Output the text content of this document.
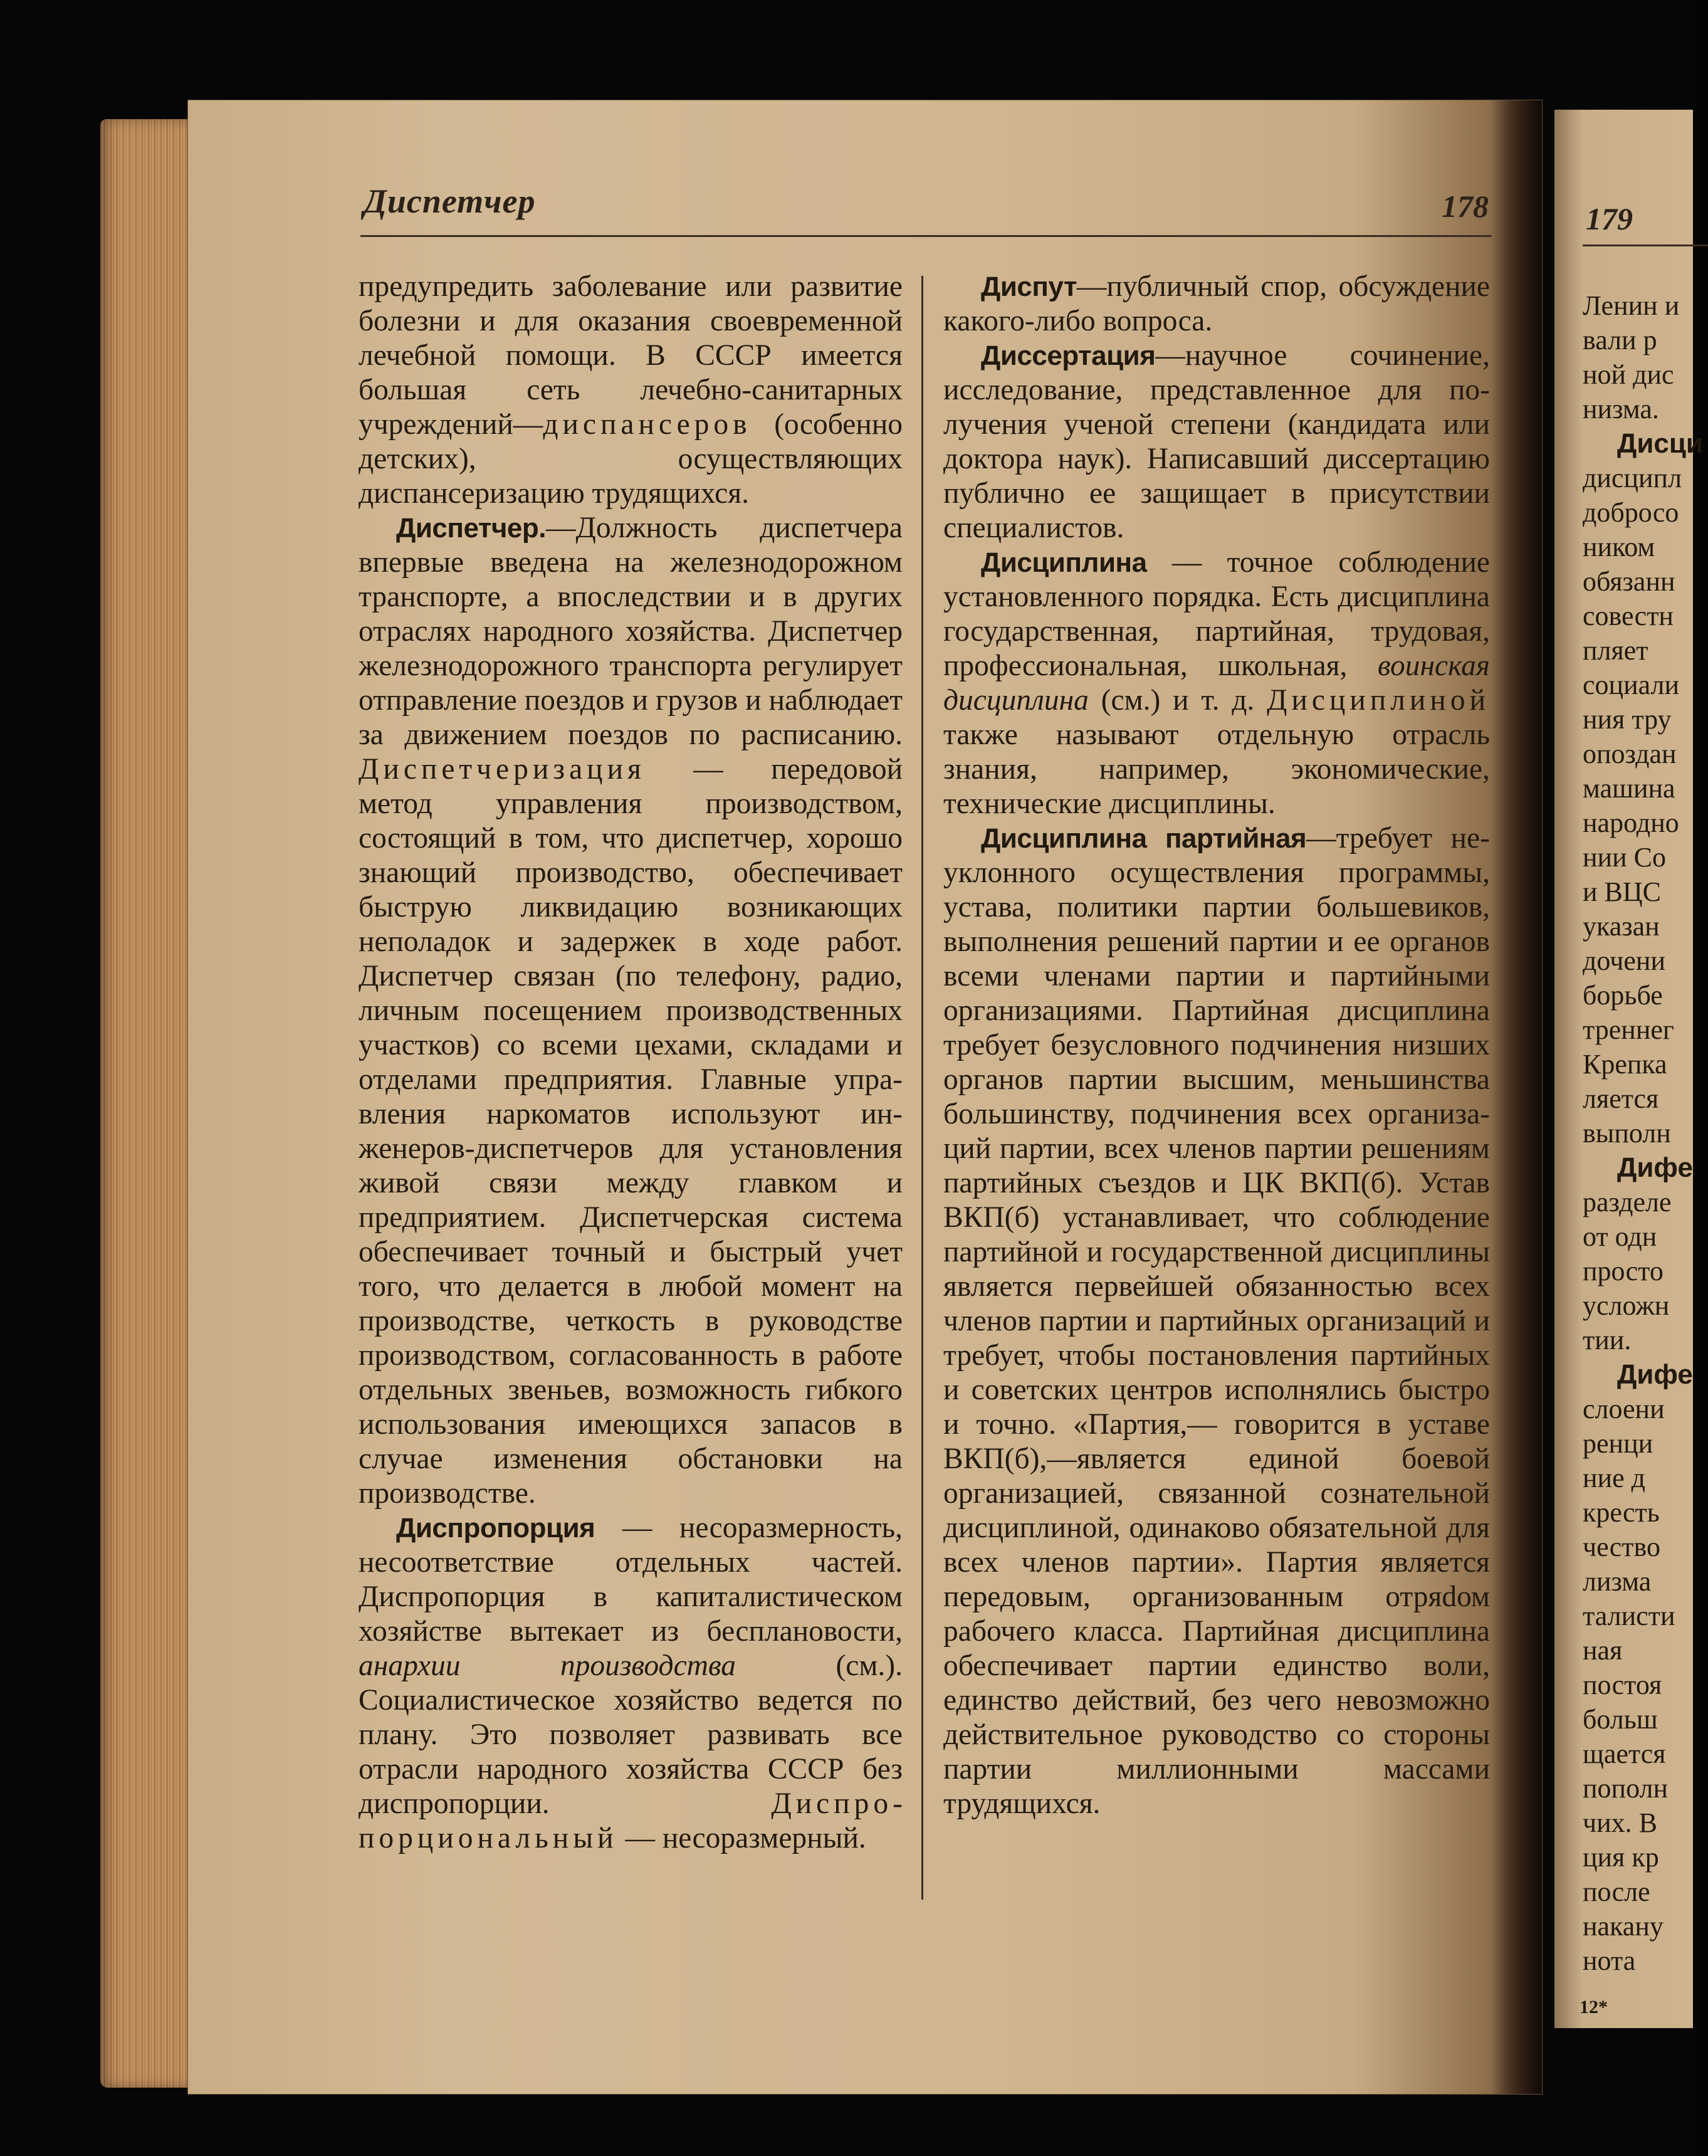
Диспетчер	178

предупредить заболевание или развитие болезни и для оказания своевременной лечебной помощи. В СССР имеется большая сеть лечебно-санитарных учреждений—диспансеров (особенно детских), осуществляющих диспансеризацию трудящихся.

Диспетчер.—Должность диспетчера впервые введена на железнодорожном транспорте, а впоследствии и в других отраслях народного хозяйства. Диспетчер железнодорожного транспорта регулирует отправление поездов и грузов и наблюдает за движением поездов по расписанию. Диспетчеризация — передовой метод управления производством, состоящий в том, что диспетчер, хорошо знающий производство, обеспечивает быструю ликвидацию возникающих неполадок и задержек в ходе работ. Диспетчер связан (по телефону, радио, личным посещением производственных участков) со всеми цехами, складами и отделами предприятия. Главные управления наркоматов используют инженеров-диспетчеров для установления живой связи между главком и предприятием. Диспетчерская система обеспечивает точный и быстрый учет того, что делается в любой момент на производстве, четкость в руководстве производством, согласованность в работе отдельных звеньев, возможность гибкого использования имеющихся запасов в случае изменения обстановки на производстве.

Диспропорция — несоразмерность, несоответствие отдельных частей. Диспропорция в капиталистическом хозяйстве вытекает из бесплановости, анархии производства (см.). Социалистическое хозяйство ведется по плану. Это позволяет развивать все отрасли народного хозяйства СССР без диспропорции. Диспропорциональный — несоразмерный.

Диспут—публичный спор, обсуждение какого-либо вопроса.

Диссертация—научное сочинение, исследование, представленное для получения ученой степени (кандидата или доктора наук). Написавший диссертацию публично ее защищает в присутствии специалистов.

Дисциплина — точное соблюдение установленного порядка. Есть дисциплина государственная, партийная, трудовая, профессиональная, школьная, воинская дисциплина (см.) и т. д. Дисциплиной также называют отдельную отрасль знания, например, экономические, технические дисциплины.

Дисциплина партийная—требует неуклонного осуществления программы, устава, политики партии большевиков, выполнения решений партии и ее органов всеми членами партии и партийными организациями. Партийная дисциплина требует безусловного подчинения низших органов партии высшим, меньшинства большинству, подчинения всех организаций партии, всех членов партии решениям партийных съездов и ЦК ВКП(б). Устав ВКП(б) устанавливает, что соблюдение партийной и государственной дисциплины является первейшей обязанностью всех членов партии и партийных организаций и требует, чтобы постановления партийных и советских центров исполнялись быстро и точно. «Партия,— говорится в уставе ВКП(б),—является единой боевой организацией, связанной сознательной дисциплиной, одинаково обязательной для всех членов партии». Партия является передовым, организованным отряdом рабочего класса. Партийная дисциплина обеспечивает партии единство воли, единство действий, без чего невозможно действительное руководство со стороны партии миллионными массами трудящихся.

179
Ленин и
вали р
ной дис
низма.
Дисци
дисципл
добросо
ником
обязанн
совестн
пляет
социали
ния тру
опоздан
машина
народно
нии Со
и ВЦС
указан
дочени
борьбе
треннег
Крепка
ляется
выполн
Дифе
разделе
от одн
просто
усложн
тии.
Дифе
слоени
ренци
ние д
кресть
чество
лизма
талисти
ная
постоя
больш
щается
пополн
чих. В
ция кр
после
накану
нота
12*
